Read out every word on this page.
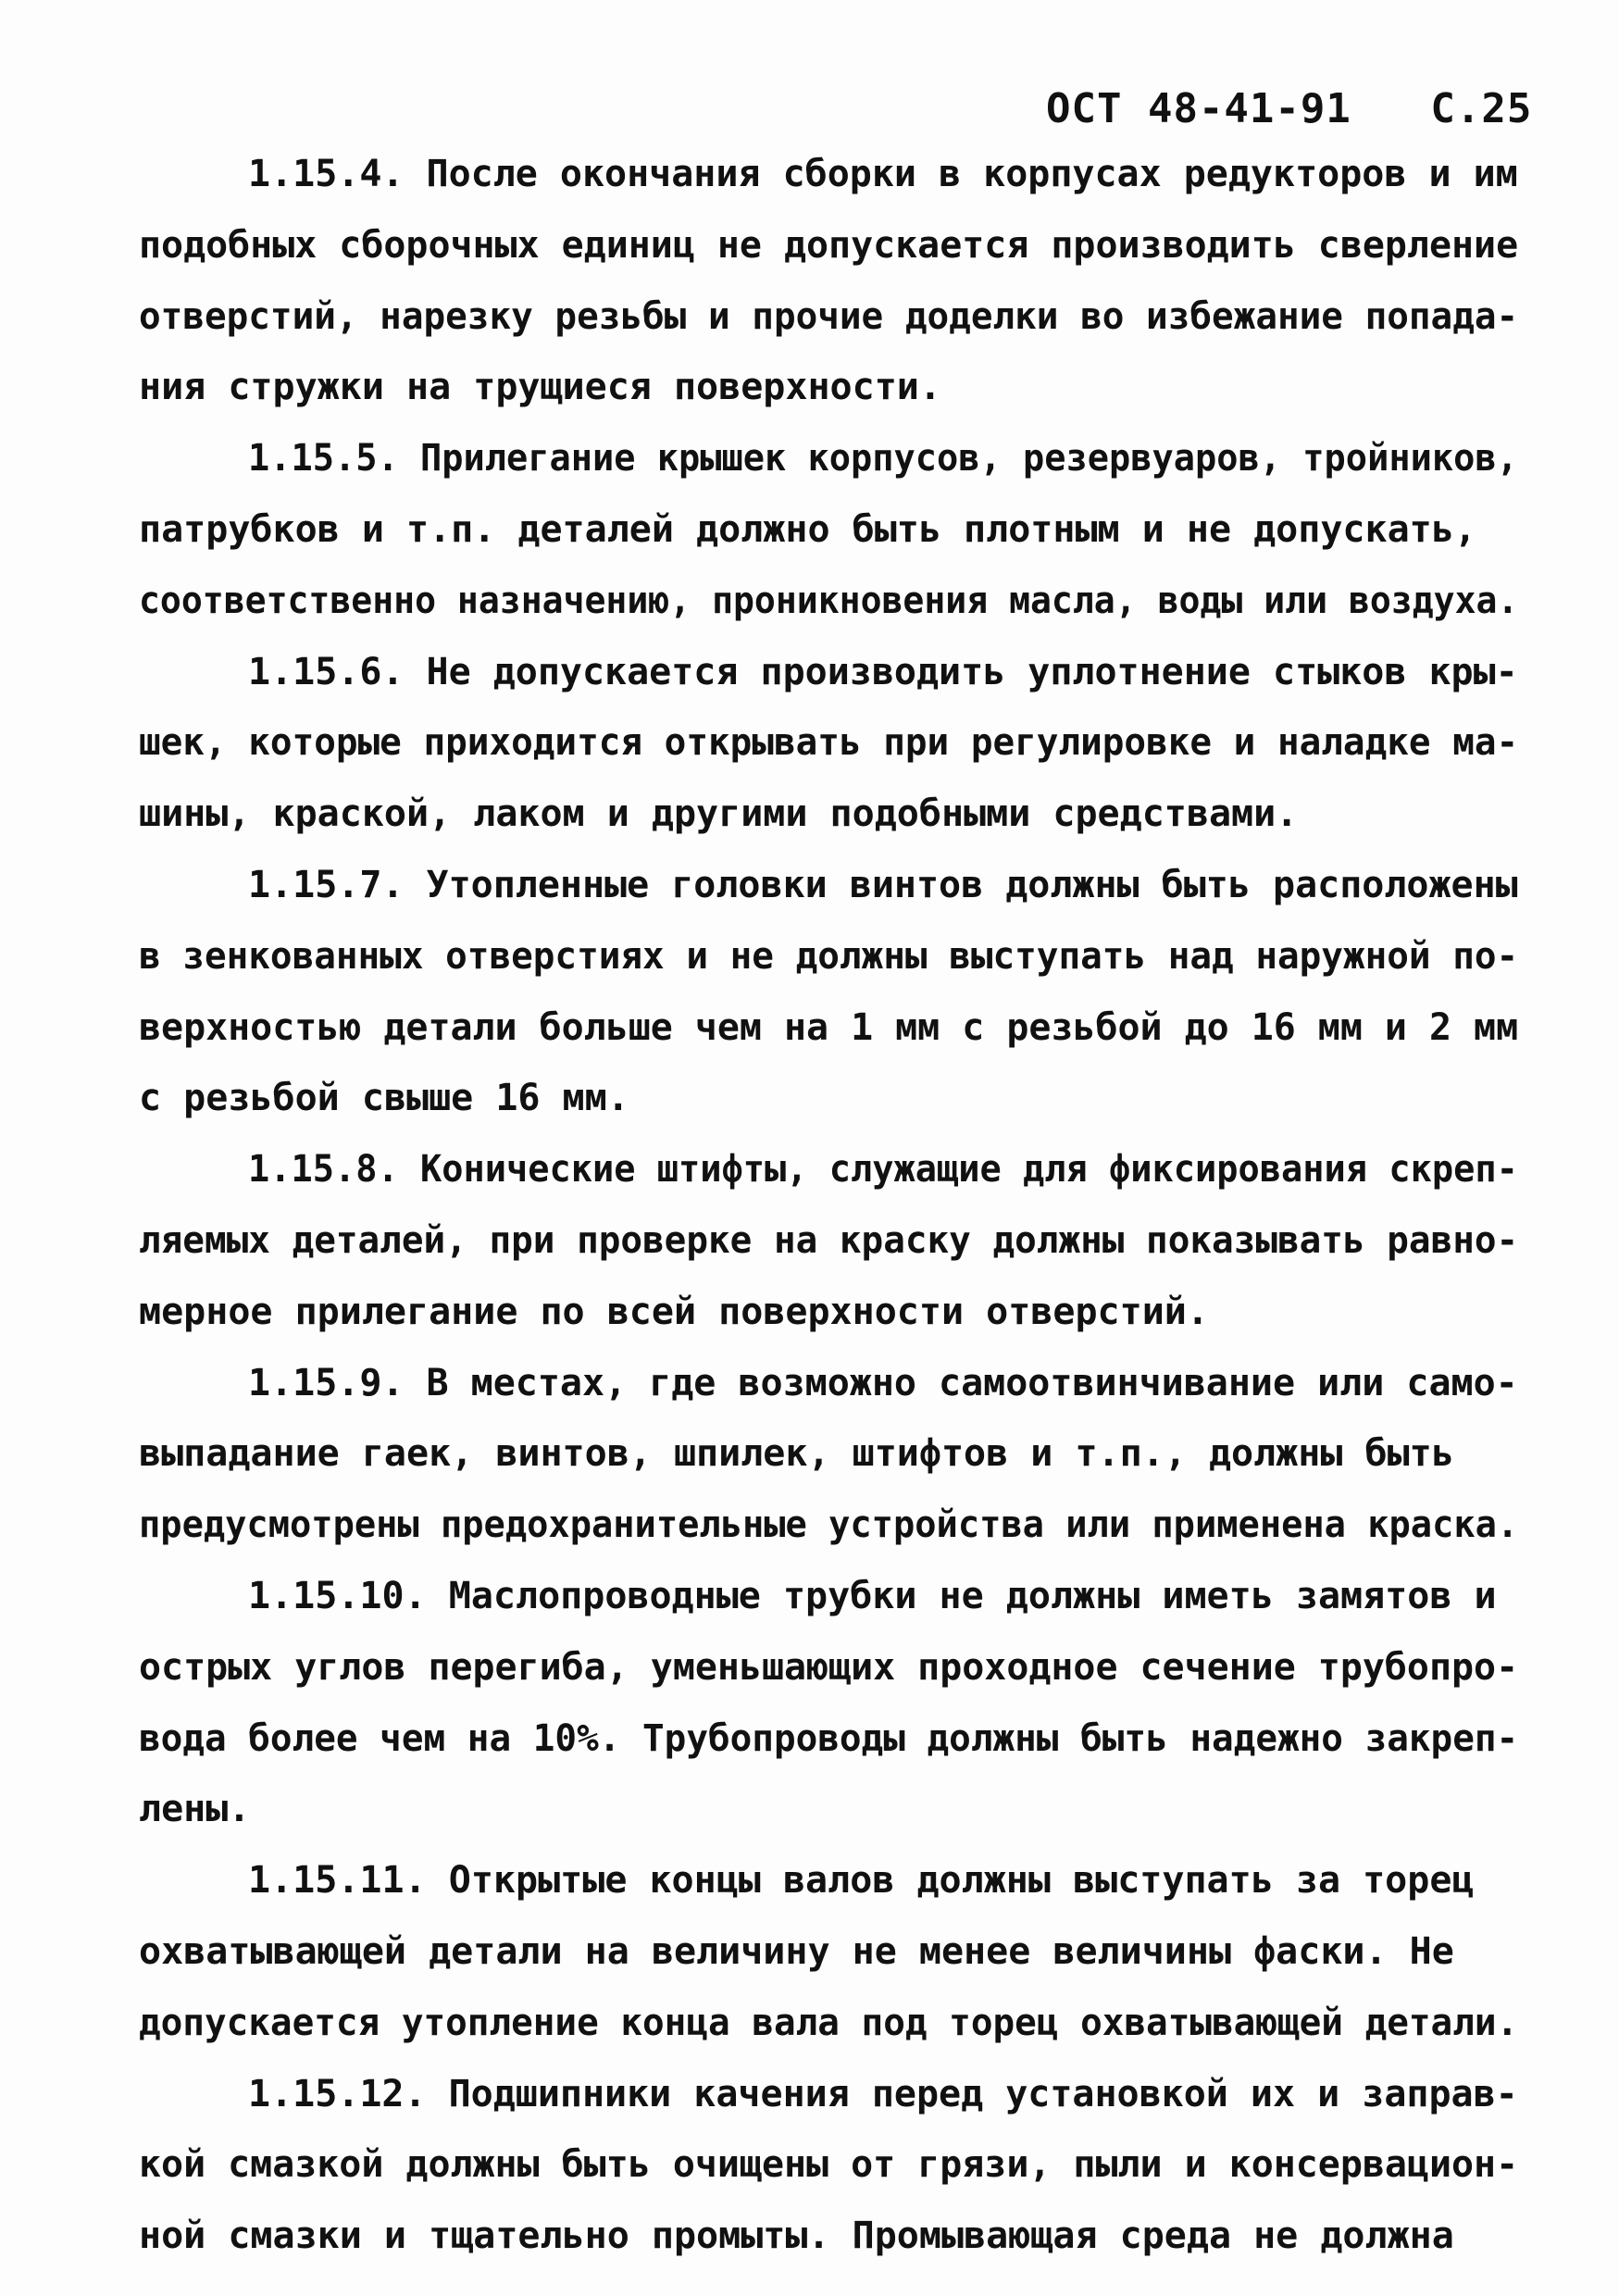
ОСТ 48-41-91 С.25
1.15.4. После окончания сборки в корпусах редукторов и им
подобных сборочных единиц не допускается производить сверление
отверстий, нарезку резьбы и прочие доделки во избежание попада-
ния стружки на трущиеся поверхности.
1.15.5. Прилегание крышек корпусов, резервуаров, тройников,
патрубков и т.п. деталей должно быть плотным и не допускать,
соответственно назначению, проникновения масла, воды или воздуха.
1.15.6. Не допускается производить уплотнение стыков кры-
шек, которые приходится открывать при регулировке и наладке ма-
шины, краской, лаком и другими подобными средствами.
1.15.7. Утопленные головки винтов должны быть расположены
в зенкованных отверстиях и не должны выступать над наружной по-
верхностью детали больше чем на 1 мм с резьбой до 16 мм и 2 мм
с резьбой свыше 16 мм.
1.15.8. Конические штифты, служащие для фиксирования скреп-
ляемых деталей, при проверке на краску должны показывать равно-
мерное прилегание по всей поверхности отверстий.
1.15.9. В местах, где возможно самоотвинчивание или само-
выпадание гаек, винтов, шпилек, штифтов и т.п., должны быть
предусмотрены предохранительные устройства или применена краска.
1.15.10. Маслопроводные трубки не должны иметь замятов и
острых углов перегиба, уменьшающих проходное сечение трубопро-
вода более чем на 10%. Трубопроводы должны быть надежно закреп-
лены.
1.15.11. Открытые концы валов должны выступать за торец
охватывающей детали на величину не менее величины фаски. Не
допускается утопление конца вала под торец охватывающей детали.
1.15.12. Подшипники качения перед установкой их и заправ-
кой смазкой должны быть очищены от грязи, пыли и консервацион-
ной смазки и тщательно промыты. Промывающая среда не должна
